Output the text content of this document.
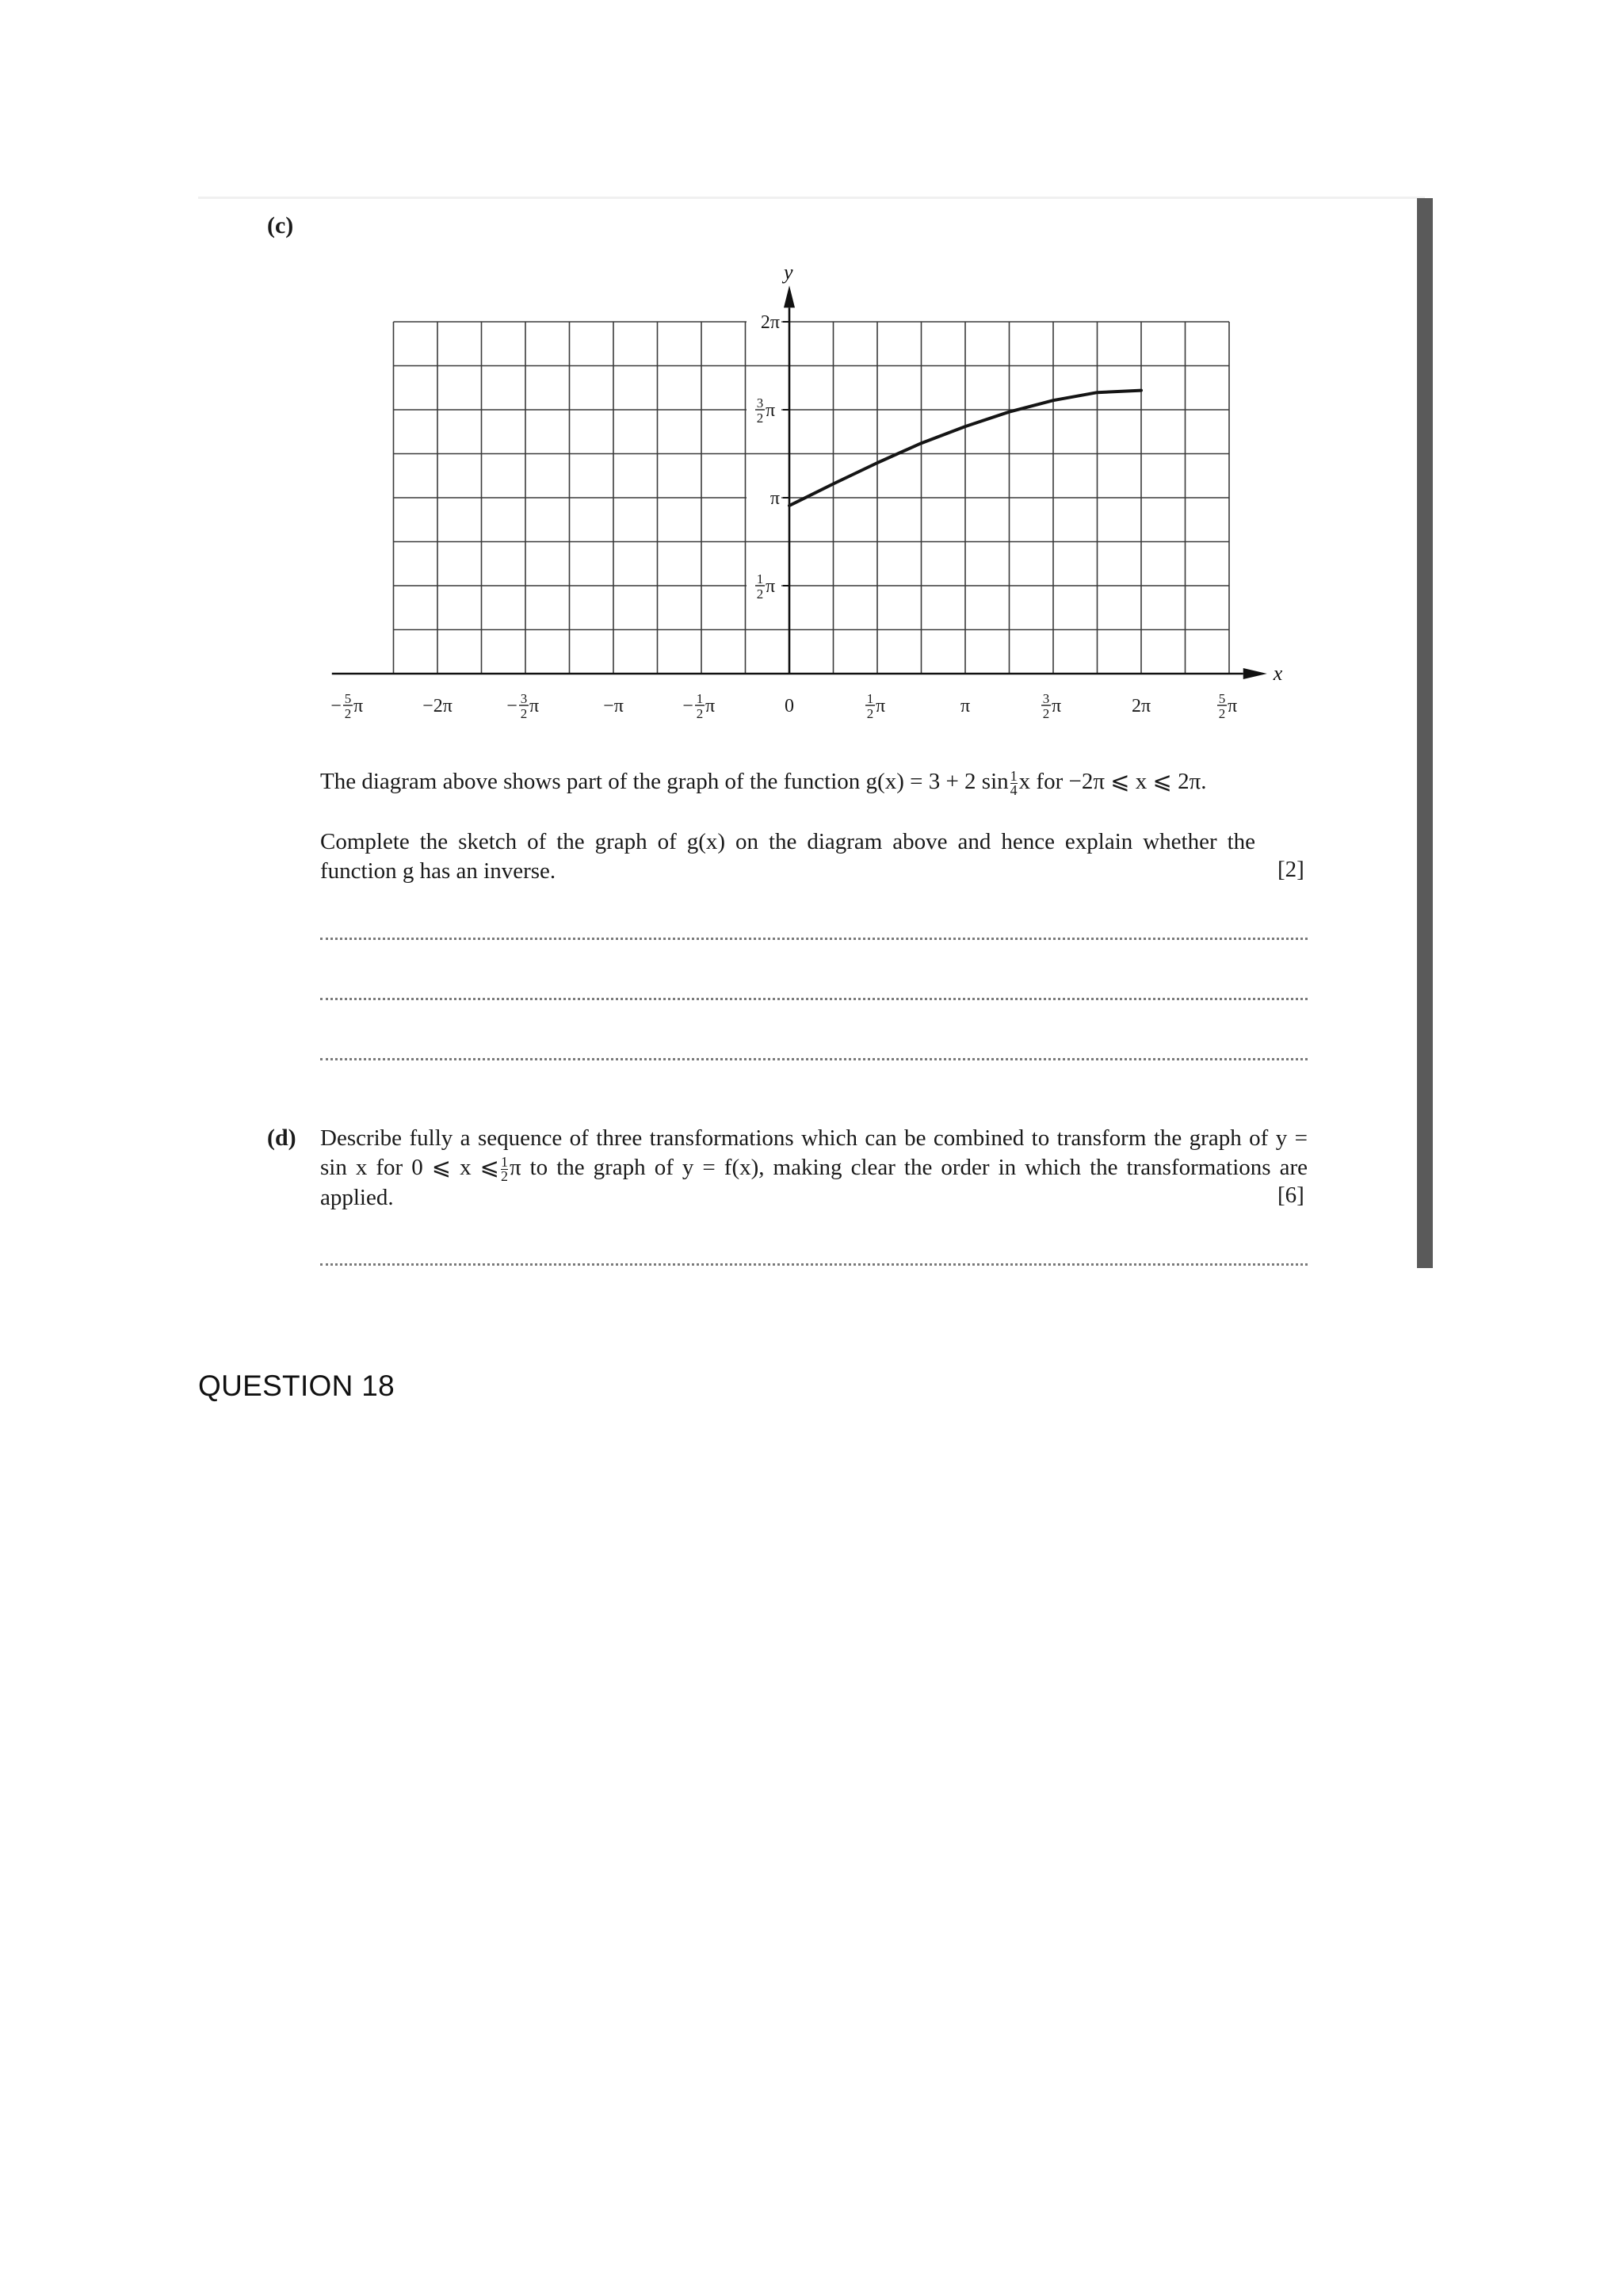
(c)
x
y
− 5
2 π	−2π	− 3
2 π	−π	− 1
2 π	0	1
2 π	π	3
2 π	2π	5
2 π
1
2 π
π
3
2 π
2π
The diagram above shows part of the graph of the function g(x) = 3 + 2 $\sin \frac{1}{4}$ x for −2π ⩽ x ⩽ 2π.
Complete the sketch of the graph of g(x) on the diagram above and hence explain whether the function g has an inverse.	[2]
(d) Describe fully a sequence of three transformations which can be combined to transform the graph of y = sin x for 0 ⩽ x ⩽ $\frac{1}{2}$ π to the graph of y = f(x), making clear the order in which the transformations are applied.	[6]
QUESTION 18
